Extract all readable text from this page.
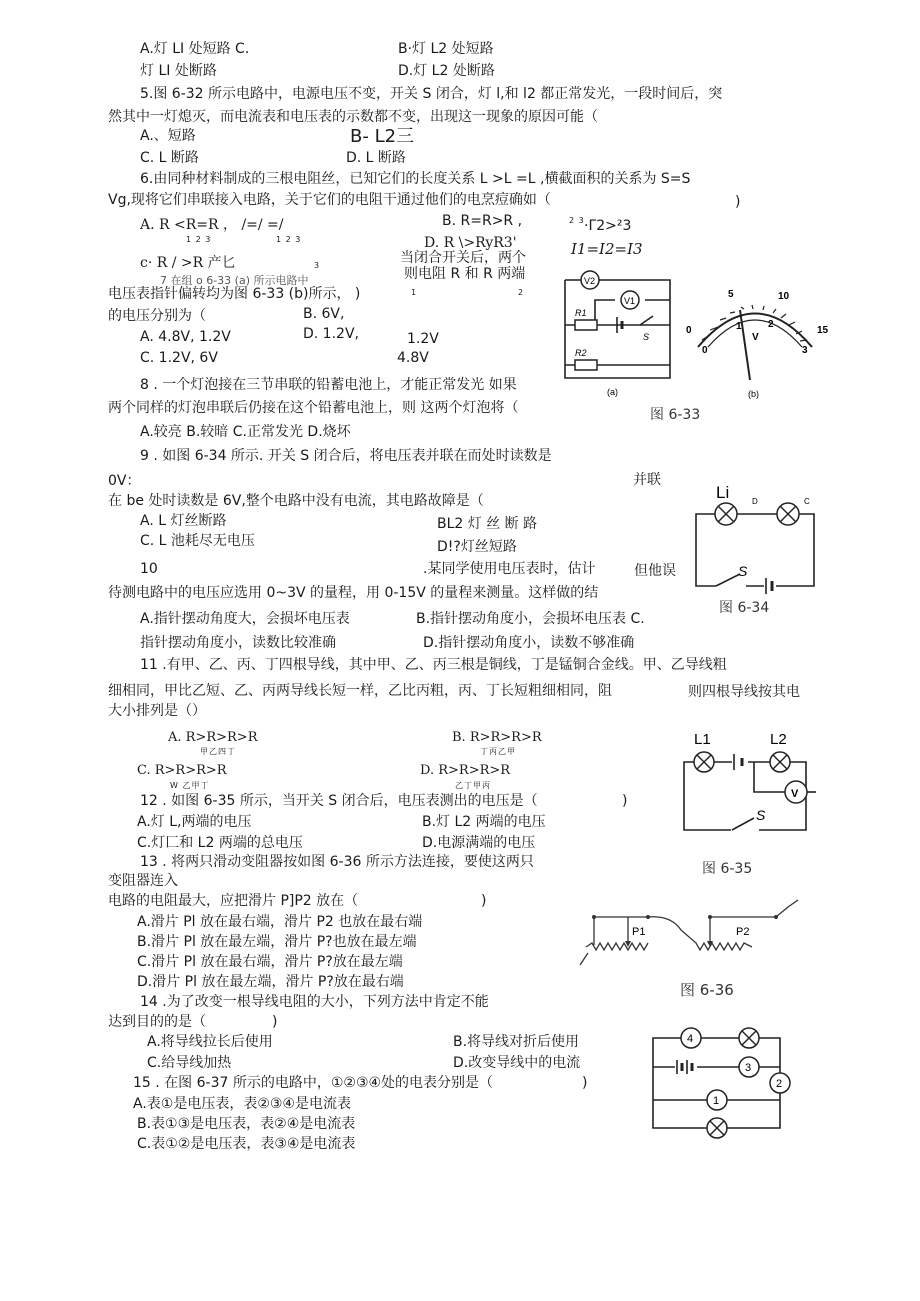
A.灯 LI 处短路 C.	B·灯 L2 处短路
灯 LI 处断路	D.灯 L2 处断路
5.图 6-32 所示电路中，电源电压不变，开关 S 闭合，灯 l,和 l2 都正常发光，一段时间后，突
然其中一灯熄灭，而电流表和电压表的示数都不变，出现这一现象的原因可能（
A.、短路	B- L2三
C. L 断路	D. L 断路
6.由同种材料制成的三根电阻丝，已知它们的长度关系 L >L =L ,横截面积的关系为 S=S
Vg,现将它们串联接入电路，关于它们的电阻干通过他们的电烹痘确如（	)
A. R <R=R ， /=/ =/
1 2 3	1 2 3
B. R=R>R ,	2 3 ·Γ2>²3
D. R \>RyR3'
c· R / >R 产匕	3
I1=I2=I3
当闭合开关后，两个
则电阻 R 和 R 两端
1	2
7 在组 o 6-33 (a) 所示电路中
电压表指针偏转均为图 6-33 (b)所示， )
的电压分别为（	B. 6V,
A. 4.8V, 1.2V	D. 1.2V,	1.2V
C. 1.2V, 6V	4.8V
8 . 一个灯泡接在三节串联的铅蓄电池上，才能正常发光 如果
两个同样的灯泡串联后仍接在这个铅蓄电池上，则 这两个灯泡将（
A.较亮 B.较暗 C.正常发光 D.烧坏
9 . 如图 6-34 所示. 开关 S 闭合后，将电压表并联在而处时读数是
0V：	并联
在 be 处时读数是 6V,整个电路中没有电流，其电路故障是（
A. L 灯丝断路	BL2 灯 丝 断 路
C. L 池耗尽无电压	D!?灯丝短路
10	.某同学使用电压表时，估计	但他误
待测电路中的电压应选用 0~3V 的量程，用 0-15V 的量程来测量。这样做的结
A.指针摆动角度大，会损坏电压表	B.指针摆动角度小，会损坏电压表 C.
指针摆动角度小，读数比较准确	D.指针摆动角度小，读数不够准确
11 .有甲、乙、丙、丁四根导线，其中甲、乙、丙三根是铜线，丁是锰铜合金线。甲、乙导线粗
细相同，甲比乙短、乙、丙两导线长短一样，乙比丙粗，丙、丁长短粗细相同，阻	则四根导线按其电
大小排列是（）
A. R>R>R>R
甲乙四丁
B. R>R>R>R
丁丙乙甲
C. R>R>R>R
W 乙甲丁
D. R>R>R>R
乙丁甲丙
12 . 如图 6-35 所示，当开关 S 闭合后，电压表测出的电压是（	)
A.灯 L,两端的电压	B.灯 L2 两端的电压
C.灯匚和 L2 两端的总电压	D.电源满端的电压
13 . 将两只滑动变阻器按如图 6-36 所示方法连接，要使这两只
变阻器连入
电路的电阻最大，应把滑片 P]P2 放在（	)
A.滑片 Pl 放在最右端，滑片 P2 也放在最右端
B.滑片 Pl 放在最左端，滑片 P?也放在最左端
C.滑片 Pl 放在最右端，滑片 P?放在最左端
D.滑片 Pl 放在最左端，滑片 P?放在最右端
14 .为了改变一根导线电阻的大小，下列方法中肯定不能
达到目的的是（	)
A.将导线拉长后使用	B.将导线对折后使用
C.给导线加热	D.改变导线中的电流
15 . 在图 6-37 所示的电路中，①②③④处的电表分别是（	)
A.表①是电压表，表②③④是电流表
B.表①③是电压表，表②④是电流表
C.表①②是电压表，表③④是电流表
V2
V1
R1
S
R2
(a)
5	10
0	15
0
1	2
3
V
(b)
图 6-33
Li	D	C
S
图 6-34
L1	L2
V
S
图 6-35
P1	P2
图 6-36
4
3
2
1
